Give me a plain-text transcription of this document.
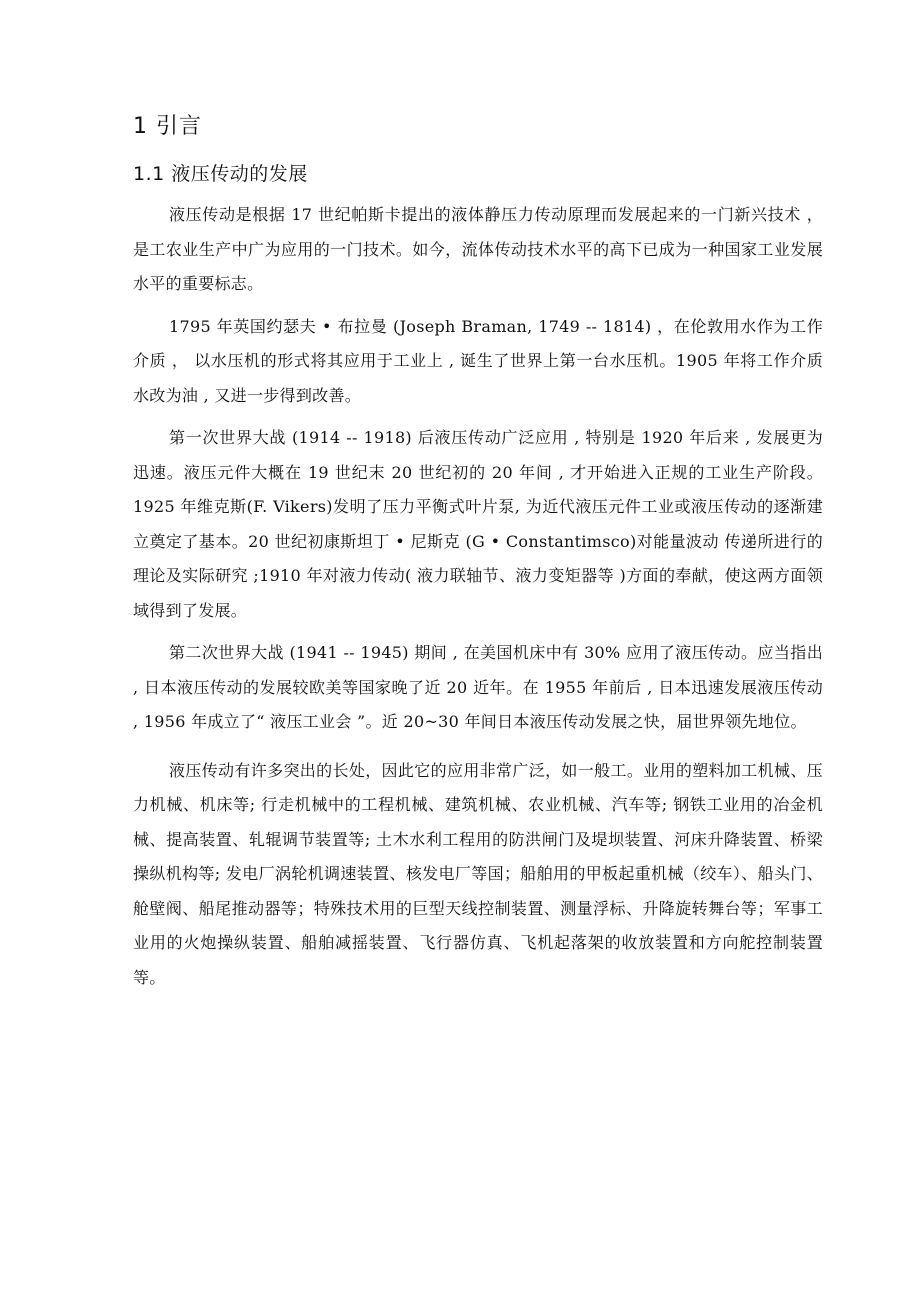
1 引言
1.1 液压传动的发展

液压传动是根据 17 世纪帕斯卡提出的液体静压力传动原理而发展起来的一门新兴技术 ，是工农业生产中广为应用的一门技术。如今，流体传动技术水平的高下已成为一种国家工业发展水平的重要标志。

1795 年英国约瑟夫 • 布拉曼 (Joseph Braman, 1749 -- 1814) ，在伦敦用水作为工作介质 ， 以水压机的形式将其应用于工业上 , 诞生了世界上第一台水压机。1905 年将工作介质水改为油 , 又进一步得到改善。

第一次世界大战 (1914 -- 1918) 后液压传动广泛应用 , 特别是 1920 年后来 , 发展更为迅速。液压元件大概在 19 世纪末 20 世纪初的 20 年间 , 才开始进入正规的工业生产阶段。1925 年维克斯(F. Vikers)发明了压力平衡式叶片泵, 为近代液压元件工业或液压传动的逐渐建立奠定了基本。20 世纪初康斯坦丁 • 尼斯克 (G • Constantimsco)对能量波动 传递所进行的理论及实际研究 ;1910 年对液力传动( 液力联轴节、液力变矩器等 )方面的奉献，使这两方面领域得到了发展。

第二次世界大战 (1941 -- 1945) 期间 , 在美国机床中有 30% 应用了液压传动。应当指出 , 日本液压传动的发展较欧美等国家晚了近 20 近年。在 1955 年前后 , 日本迅速发展液压传动 , 1956 年成立了“ 液压工业会 ”。近 20~30 年间日本液压传动发展之快，届世界领先地位。

液压传动有许多突出的长处，因此它的应用非常广泛，如一般工。业用的塑料加工机械、压力机械、机床等; 行走机械中的工程机械、建筑机械、农业机械、汽车等; 钢铁工业用的冶金机械、提高装置、轧辊调节装置等; 土木水利工程用的防洪闸门及堤坝装置、河床升降装置、桥梁操纵机构等; 发电厂涡轮机调速装置、核发电厂等国；船舶用的甲板起重机械（绞车）、船头门、舱壁阀、船尾推动器等；特殊技术用的巨型天线控制装置、测量浮标、升降旋转舞台等；军事工业用的火炮操纵装置、船舶减摇装置、飞行器仿真、飞机起落架的收放装置和方向舵控制装置等。
